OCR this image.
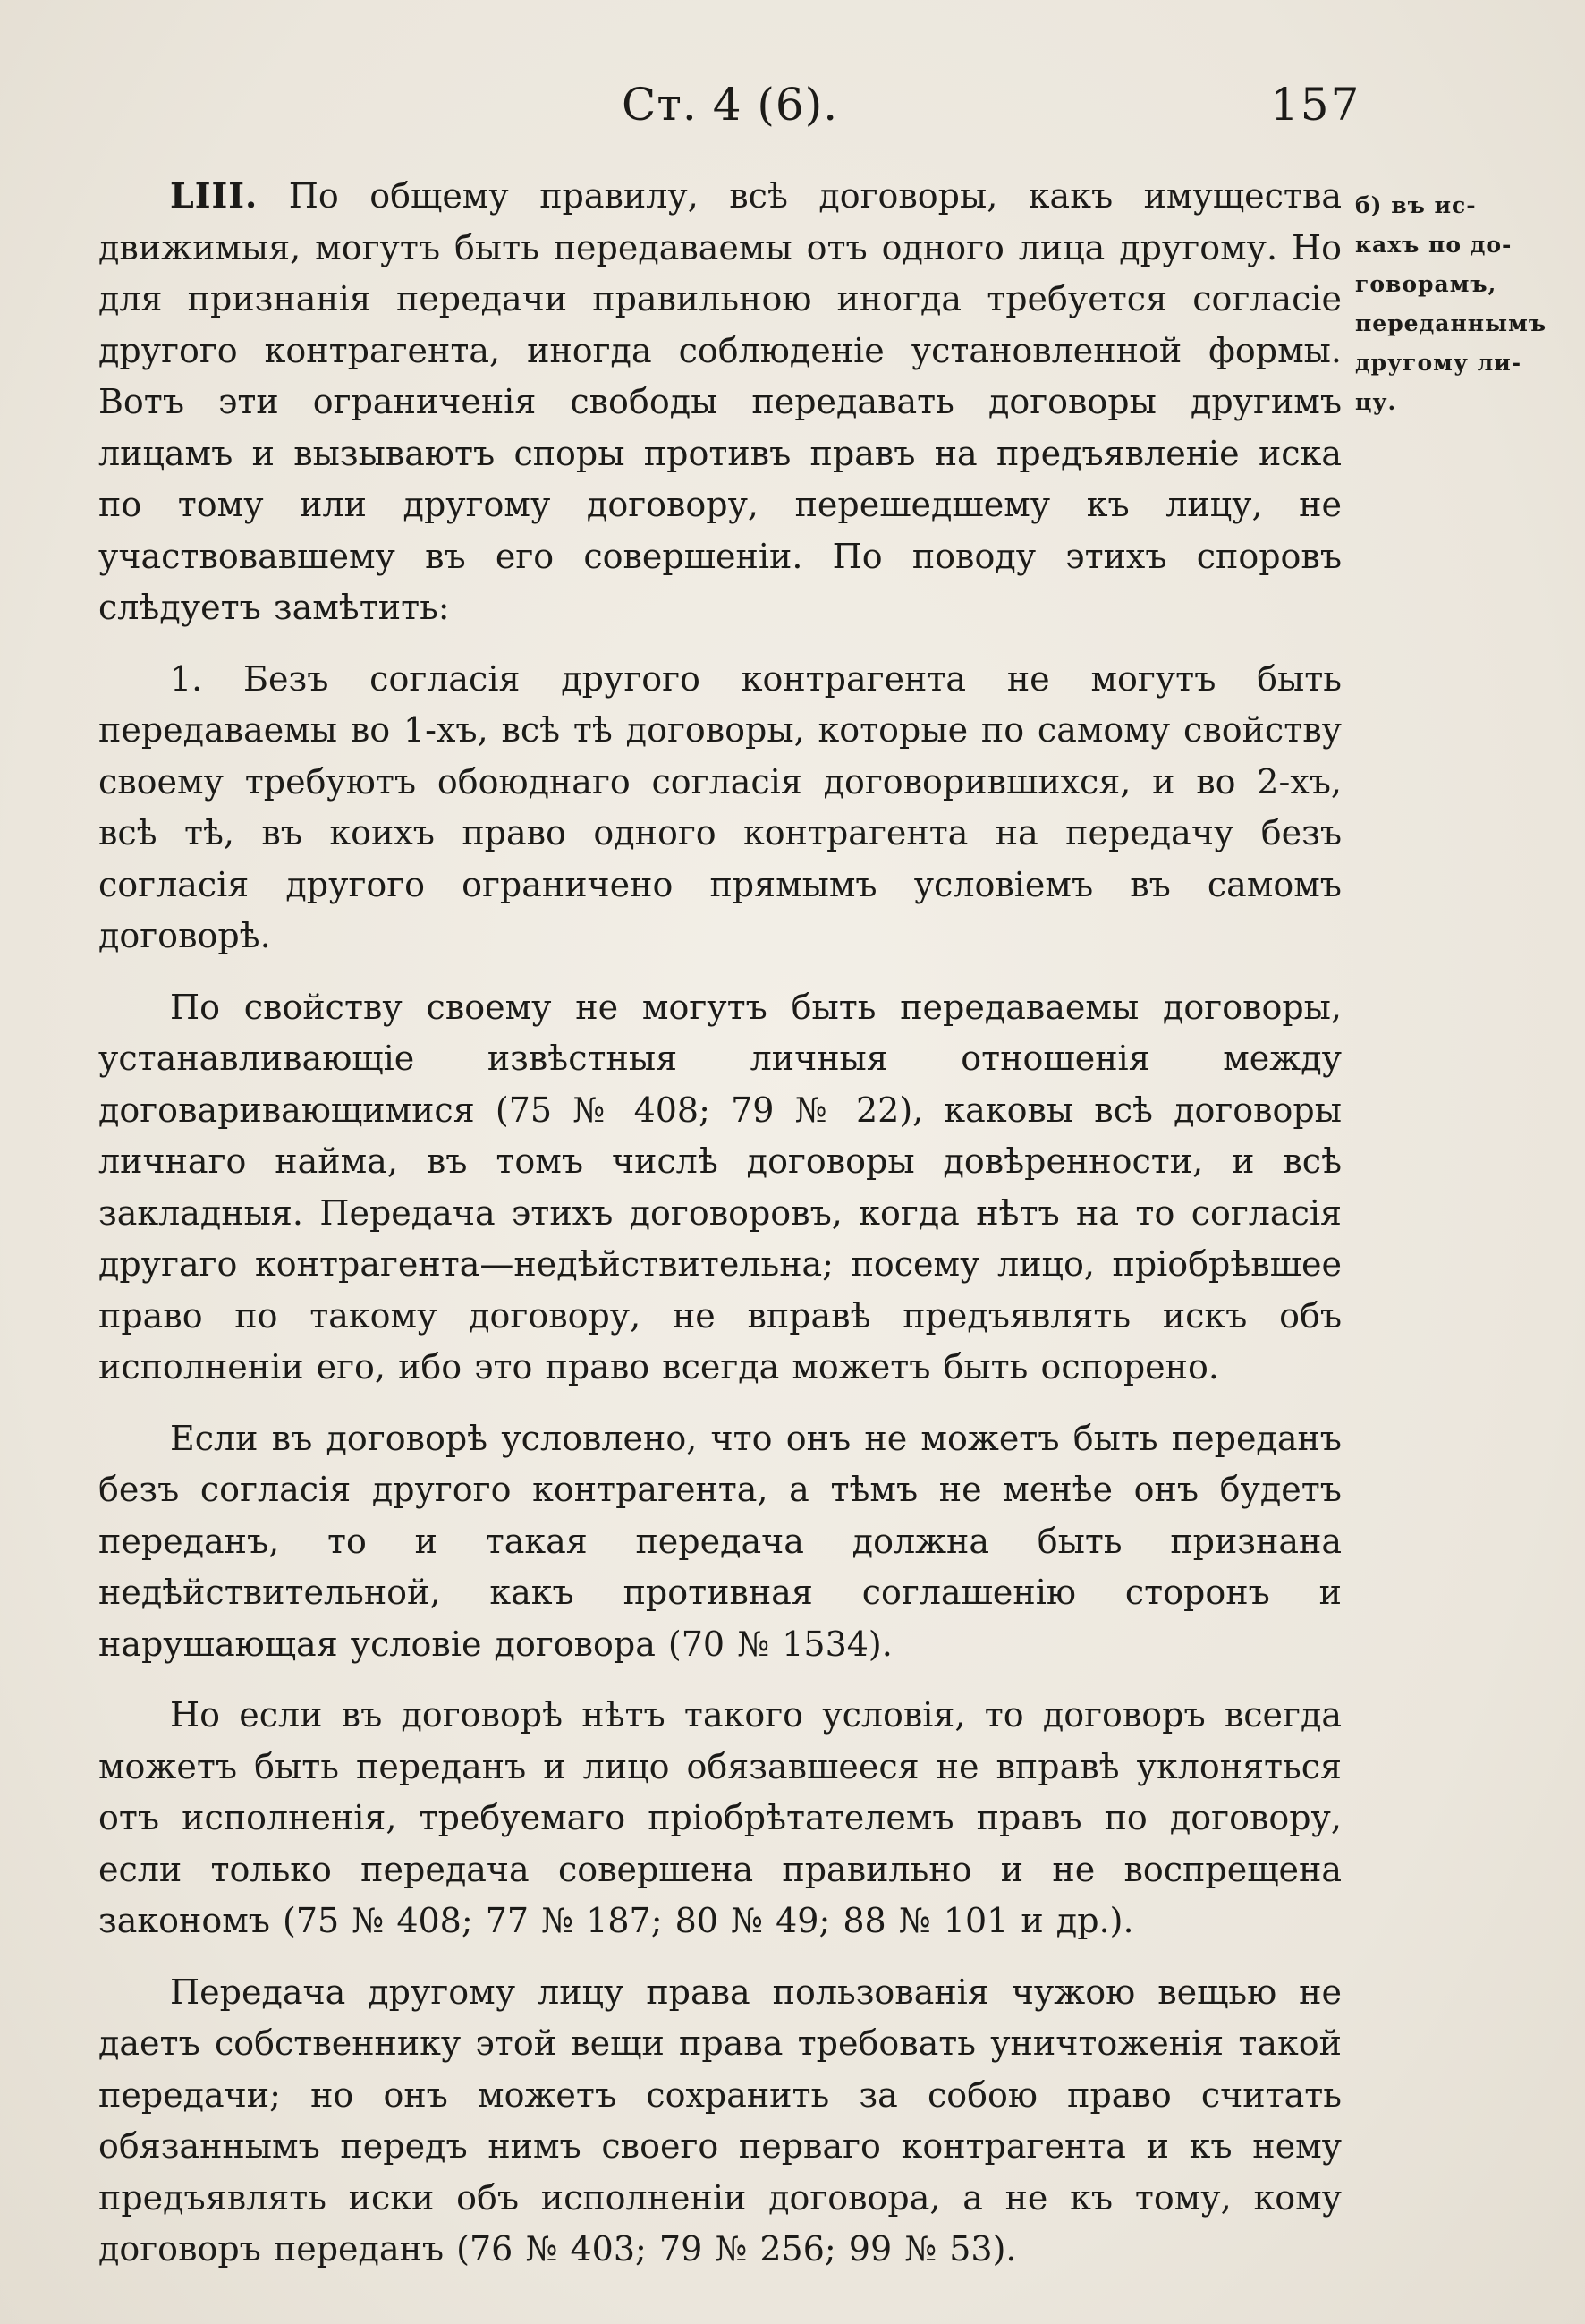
Ст. 4 (6).	157
б) въ ис-
кахъ по до-
говорамъ,
переданнымъ
другому ли-
цу.

LIII. По общему правилу, всѣ договоры, какъ имущества движимыя, могутъ быть передаваемы отъ одного лица другому. Но для признанія передачи правильною иногда требуется согласіе другого контрагента, иногда соблюденіе установленной формы. Вотъ эти ограниченія свободы передавать договоры другимъ лицамъ и вызываютъ споры противъ правъ на предъявленіе иска по тому или другому договору, перешедшему къ лицу, не участвовавшему въ его совершеніи. По поводу этихъ споровъ слѣдуетъ замѣтить:

1. Безъ согласія другого контрагента не могутъ быть передаваемы во 1-хъ, всѣ тѣ договоры, которые по самому свойству своему требуютъ обоюднаго согласія договорившихся, и во 2-хъ, всѣ тѣ, въ коихъ право одного контрагента на передачу безъ согласія другого ограничено прямымъ условіемъ въ самомъ договорѣ.

По свойству своему не могутъ быть передаваемы договоры, устанавливающіе извѣстныя личныя отношенія между договаривающимися (75 № 408; 79 № 22), каковы всѣ договоры личнаго найма, въ томъ числѣ договоры довѣренности, и всѣ закладныя. Передача этихъ договоровъ, когда нѣтъ на то согласія другаго контрагента—недѣйствительна; посему лицо, пріобрѣвшее право по такому договору, не вправѣ предъявлять искъ объ исполненіи его, ибо это право всегда можетъ быть оспорено.

Если въ договорѣ условлено, что онъ не можетъ быть переданъ безъ согласія другого контрагента, а тѣмъ не менѣе онъ будетъ переданъ, то и такая передача должна быть признана недѣйствительной, какъ противная соглашенію сторонъ и нарушающая условіе договора (70 № 1534).

Но если въ договорѣ нѣтъ такого условія, то договоръ всегда можетъ быть переданъ и лицо обязавшееся не вправѣ уклоняться отъ исполненія, требуемаго пріобрѣтателемъ правъ по договору, если только передача совершена правильно и не воспрещена закономъ (75 № 408; 77 № 187; 80 № 49; 88 № 101 и др.).

Передача другому лицу права пользованія чужою вещью не даетъ собственнику этой вещи права требовать уничтоженія такой передачи; но онъ можетъ сохранить за собою право считать обязаннымъ передъ нимъ своего перваго контрагента и къ нему предъявлять иски объ исполненіи договора, а не къ тому, кому договоръ переданъ (76 № 403; 79 № 256; 99 № 53).
